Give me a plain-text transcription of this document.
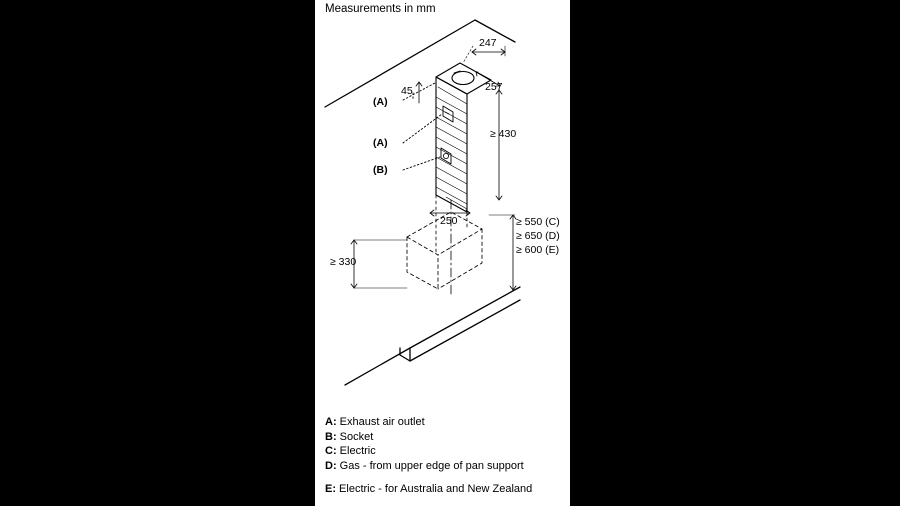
Measurements in mm
247
257
45
250
≥ 430
≥ 330
≥ 550 (C)
≥ 650 (D)
≥ 600 (E)
(A)
(A)
(B)
A: Exhaust air outlet
B: Socket
C: Electric
D: Gas - from upper edge of pan support
E: Electric - for Australia and New Zealand
